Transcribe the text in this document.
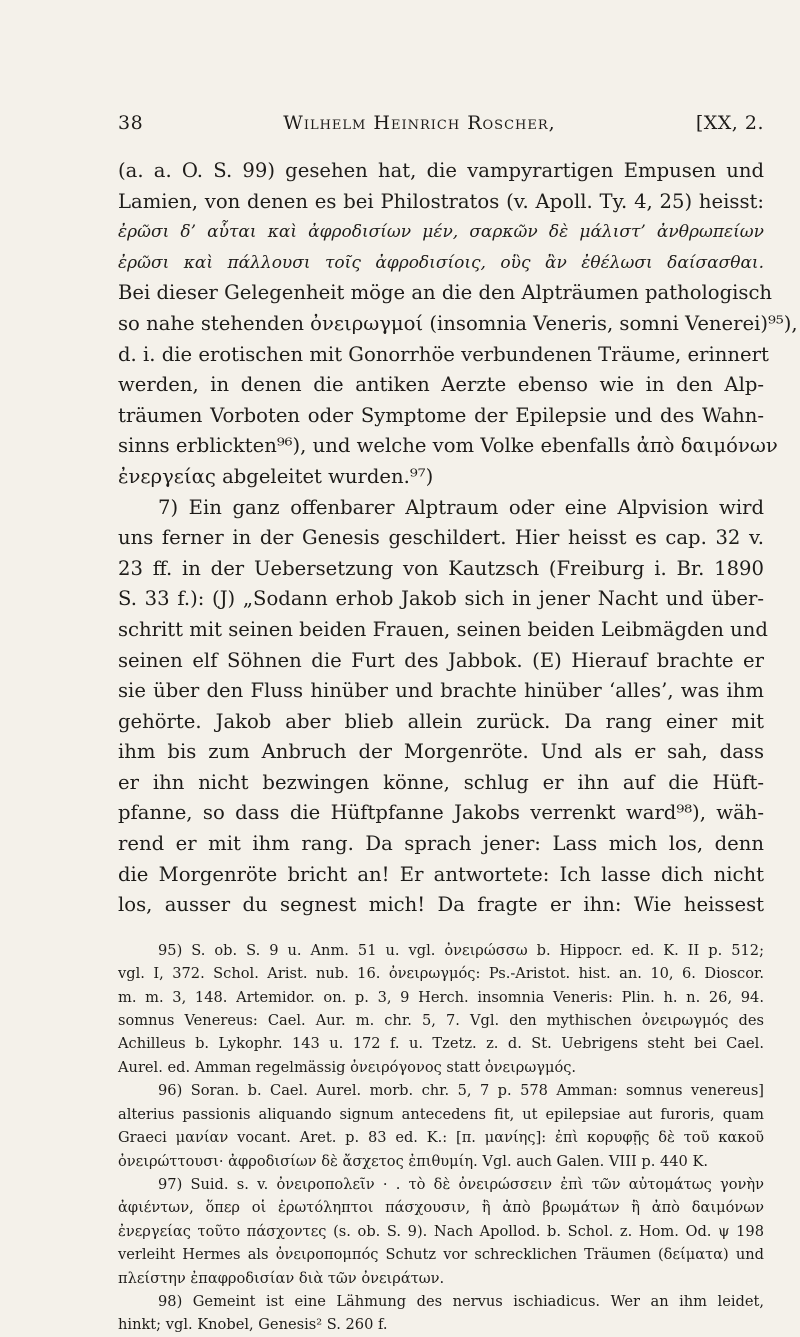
38	Wilhelm Heinrich Roscher,	[XX, 2.
(a. a. O. S. 99) gesehen hat, die vampyrartigen Empusen und
Lamien, von denen es bei Philostratos (v. Apoll. Ty. 4, 25) heisst:
ἐρῶσι δ’ αὗται καὶ ἀφροδισίων μέν, σαρκῶν δὲ μάλιστ’ ἀνθρωπείων
ἐρῶσι καὶ πάλλουσι τοῖς ἀφροδισίοις, οὓς ἂν ἐθέλωσι δαίσασθαι.
Bei dieser Gelegenheit möge an die den Alpträumen pathologisch
so nahe stehenden ὀνειρωγμοί (insomnia Veneris, somni Venerei)⁹⁵),
d. i. die erotischen mit Gonorrhöe verbundenen Träume, erinnert
werden, in denen die antiken Aerzte ebenso wie in den Alp-
träumen Vorboten oder Symptome der Epilepsie und des Wahn-
sinns erblickten⁹⁶), und welche vom Volke ebenfalls ἀπὸ δαιμόνων
ἐνεργείας abgeleitet wurden.⁹⁷)
7) Ein ganz offenbarer Alptraum oder eine Alpvision wird
uns ferner in der Genesis geschildert. Hier heisst es cap. 32 v.
23 ff. in der Uebersetzung von Kautzsch (Freiburg i. Br. 1890
S. 33 f.): (J) „Sodann erhob Jakob sich in jener Nacht und über-
schritt mit seinen beiden Frauen, seinen beiden Leibmägden und
seinen elf Söhnen die Furt des Jabbok. (E) Hierauf brachte er
sie über den Fluss hinüber und brachte hinüber ‘alles’, was ihm
gehörte. Jakob aber blieb allein zurück. Da rang einer mit
ihm bis zum Anbruch der Morgenröte. Und als er sah, dass
er ihn nicht bezwingen könne, schlug er ihn auf die Hüft-
pfanne, so dass die Hüftpfanne Jakobs verrenkt ward⁹⁸), wäh-
rend er mit ihm rang. Da sprach jener: Lass mich los, denn
die Morgenröte bricht an! Er antwortete: Ich lasse dich nicht
los, ausser du segnest mich! Da fragte er ihn: Wie heissest
95) S. ob. S. 9 u. Anm. 51 u. vgl. ὀνειρώσσω b. Hippocr. ed. K. II p. 512;
vgl. I, 372. Schol. Arist. nub. 16. ὀνειρωγμός: Ps.-Aristot. hist. an. 10, 6. Dioscor.
m. m. 3, 148. Artemidor. on. p. 3, 9 Herch. insomnia Veneris: Plin. h. n. 26, 94.
somnus Venereus: Cael. Aur. m. chr. 5, 7. Vgl. den mythischen ὀνειρωγμός des
Achilleus b. Lykophr. 143 u. 172 f. u. Tzetz. z. d. St. Uebrigens steht bei Cael.
Aurel. ed. Amman regelmässig ὀνειρόγονος statt ὀνειρωγμός.
96) Soran. b. Cael. Aurel. morb. chr. 5, 7 p. 578 Amman: somnus venereus]
alterius passionis aliquando signum antecedens fit, ut epilepsiae aut furoris, quam
Graeci μανίαν vocant. Aret. p. 83 ed. K.: [π. μανίης]: ἐπὶ κορυφῇς δὲ τοῦ κακοῦ
ὀνειρώττουσι· ἀφροδισίων δὲ ἄσχετος ἐπιθυμίη. Vgl. auch Galen. VIII p. 440 K.
97) Suid. s. v. ὀνειροπολεῖν · . τὸ δὲ ὀνειρώσσειν ἐπὶ τῶν αὐτομάτως γονὴν
ἀφιέντων, ὅπερ οἱ ἐρωτόληπτοι πάσχουσιν, ἢ ἀπὸ βρωμάτων ἢ ἀπὸ δαιμόνων
ἐνεργείας τοῦτο πάσχοντες (s. ob. S. 9). Nach Apollod. b. Schol. z. Hom. Od. ψ 198
verleiht Hermes als ὀνειροπομπός Schutz vor schrecklichen Träumen (δείματα) und
πλείστην ἐπαφροδισίαν διὰ τῶν ὀνειράτων.
98) Gemeint ist eine Lähmung des nervus ischiadicus. Wer an ihm leidet,
hinkt; vgl. Knobel, Genesis² S. 260 f.
